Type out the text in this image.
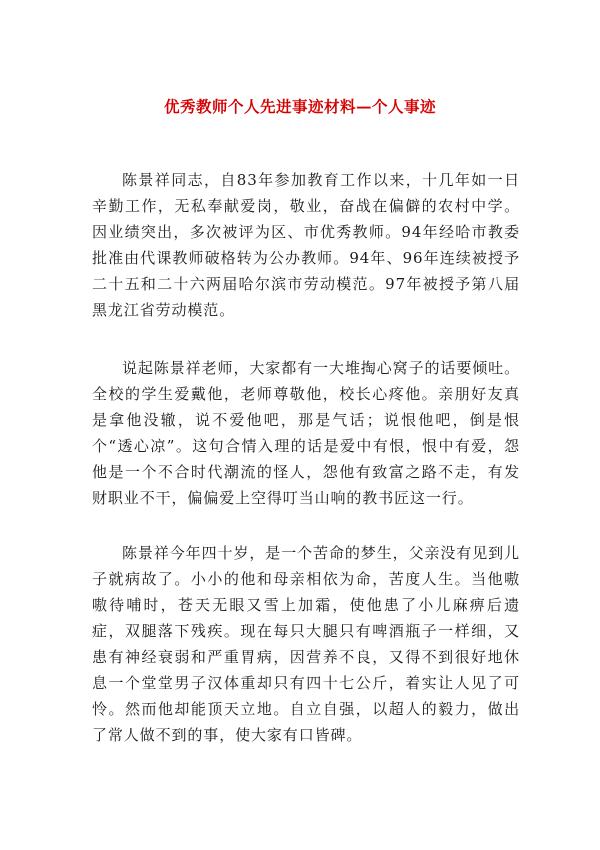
优秀教师个人先进事迹材料—个人事迹

陈景祥同志，自83年参加教育工作以来，十几年如一日辛勤工作，无私奉献爱岗，敬业，奋战在偏僻的农村中学。因业绩突出，多次被评为区、市优秀教师。94年经哈市教委批准由代课教师破格转为公办教师。94年、96年连续被授予二十五和二十六两届哈尔滨市劳动模范。97年被授予第八届黑龙江省劳动模范。

说起陈景祥老师，大家都有一大堆掏心窝子的话要倾吐。全校的学生爱戴他，老师尊敬他，校长心疼他。亲朋好友真是拿他没辙，说不爱他吧，那是气话；说恨他吧，倒是恨个“透心凉”。这句合情入理的话是爱中有恨，恨中有爱，怨他是一个不合时代潮流的怪人，怨他有致富之路不走，有发财职业不干，偏偏爱上空得叮当山响的教书匠这一行。

陈景祥今年四十岁，是一个苦命的梦生，父亲没有见到儿子就病故了。小小的他和母亲相依为命，苦度人生。当他嗷嗷待哺时，苍天无眼又雪上加霜，使他患了小儿麻痹后遗症，双腿落下残疾。现在每只大腿只有啤酒瓶子一样细，又患有神经衰弱和严重胃病，因营养不良，又得不到很好地休息一个堂堂男子汉体重却只有四十七公斤，着实让人见了可怜。然而他却能顶天立地。自立自强，以超人的毅力，做出了常人做不到的事，使大家有口皆碑。
